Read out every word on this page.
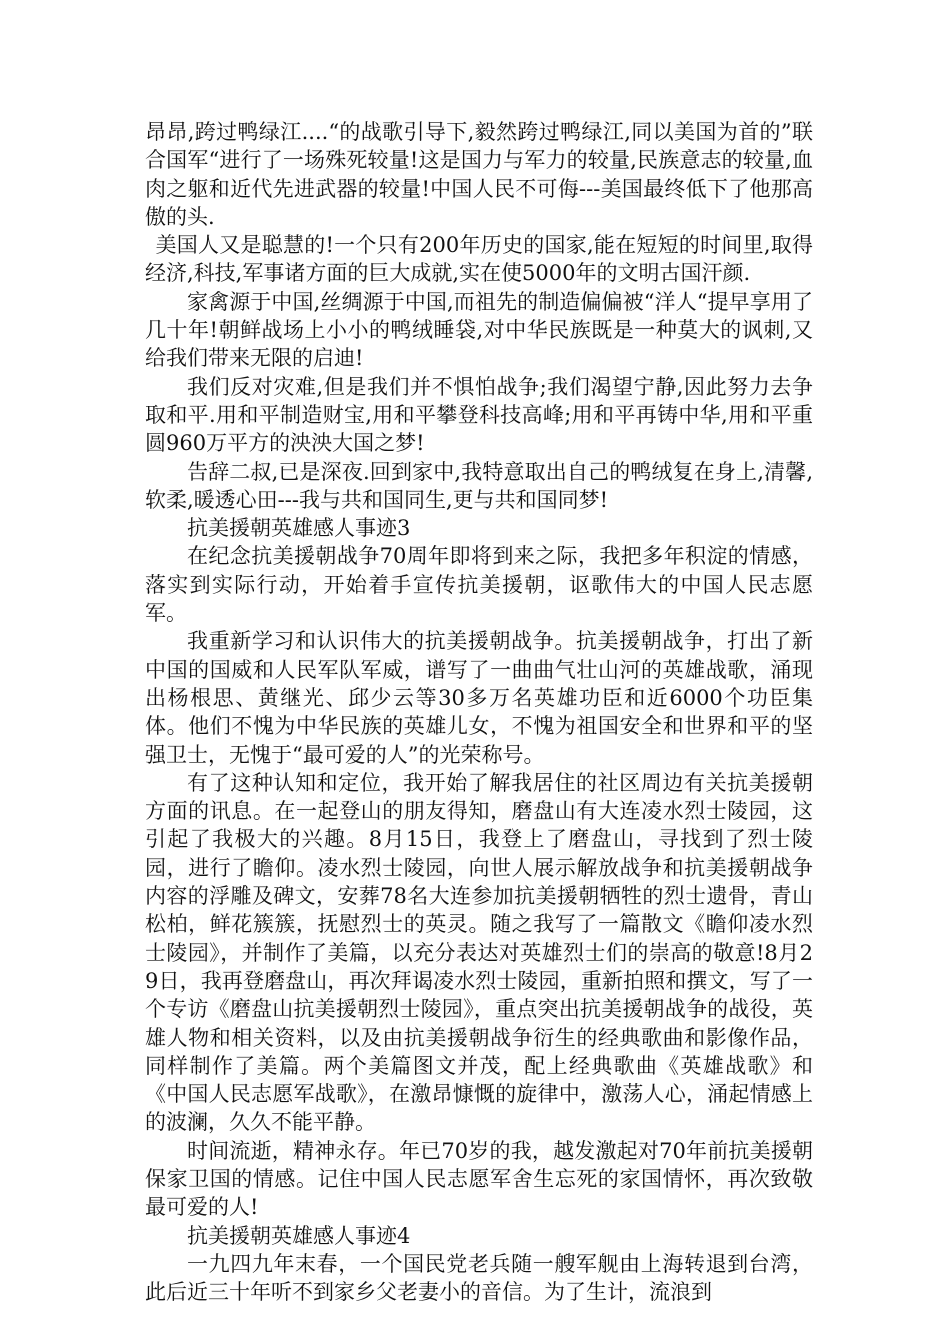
昂昂,跨过鸭绿江....“的战歌引导下,毅然跨过鸭绿江,同以美国为首的”联合国军“进行了一场殊死较量!这是国力与军力的较量,民族意志的较量,血肉之躯和近代先进武器的较量!中国人民不可侮---美国最终低下了他那高傲的头.

美国人又是聪慧的!一个只有200年历史的国家,能在短短的时间里,取得经济,科技,军事诸方面的巨大成就,实在使5000年的文明古国汗颜.

家禽源于中国,丝绸源于中国,而祖先的制造偏偏被“洋人“提早享用了几十年!朝鲜战场上小小的鸭绒睡袋,对中华民族既是一种莫大的讽刺,又给我们带来无限的启迪!

我们反对灾难,但是我们并不惧怕战争;我们渴望宁静,因此努力去争取和平.用和平制造财宝,用和平攀登科技高峰;用和平再铸中华,用和平重圆960万平方的泱泱大国之梦!

告辞二叔,已是深夜.回到家中,我特意取出自己的鸭绒复在身上,清馨,软柔,暖透心田---我与共和国同生,更与共和国同梦!

抗美援朝英雄感人事迹3

在纪念抗美援朝战争70周年即将到来之际，我把多年积淀的情感，落实到实际行动，开始着手宣传抗美援朝，讴歌伟大的中国人民志愿军。

我重新学习和认识伟大的抗美援朝战争。抗美援朝战争，打出了新中国的国威和人民军队军威，谱写了一曲曲气壮山河的英雄战歌，涌现出杨根思、黄继光、邱少云等30多万名英雄功臣和近6000个功臣集体。他们不愧为中华民族的英雄儿女，不愧为祖国安全和世界和平的坚强卫士，无愧于“最可爱的人”的光荣称号。

有了这种认知和定位，我开始了解我居住的社区周边有关抗美援朝方面的讯息。在一起登山的朋友得知，磨盘山有大连凌水烈士陵园，这引起了我极大的兴趣。8月15日，我登上了磨盘山，寻找到了烈士陵园，进行了瞻仰。凌水烈士陵园，向世人展示解放战争和抗美援朝战争内容的浮雕及碑文，安葬78名大连参加抗美援朝牺牲的烈士遗骨，青山松柏，鲜花簇簇，抚慰烈士的英灵。随之我写了一篇散文《瞻仰凌水烈士陵园》，并制作了美篇，以充分表达对英雄烈士们的崇高的敬意!8月29日，我再登磨盘山，再次拜谒凌水烈士陵园，重新拍照和撰文，写了一个专访《磨盘山抗美援朝烈士陵园》，重点突出抗美援朝战争的战役，英雄人物和相关资料，以及由抗美援朝战争衍生的经典歌曲和影像作品，同样制作了美篇。两个美篇图文并茂，配上经典歌曲《英雄战歌》和《中国人民志愿军战歌》，在激昂慷慨的旋律中，激荡人心，涌起情感上的波澜，久久不能平静。

时间流逝，精神永存。年已70岁的我，越发激起对70年前抗美援朝保家卫国的情感。记住中国人民志愿军舍生忘死的家国情怀，再次致敬最可爱的人!

抗美援朝英雄感人事迹4

一九四九年末春，一个国民党老兵随一艘军舰由上海转退到台湾，此后近三十年听不到家乡父老妻小的音信。为了生计，流浪到
